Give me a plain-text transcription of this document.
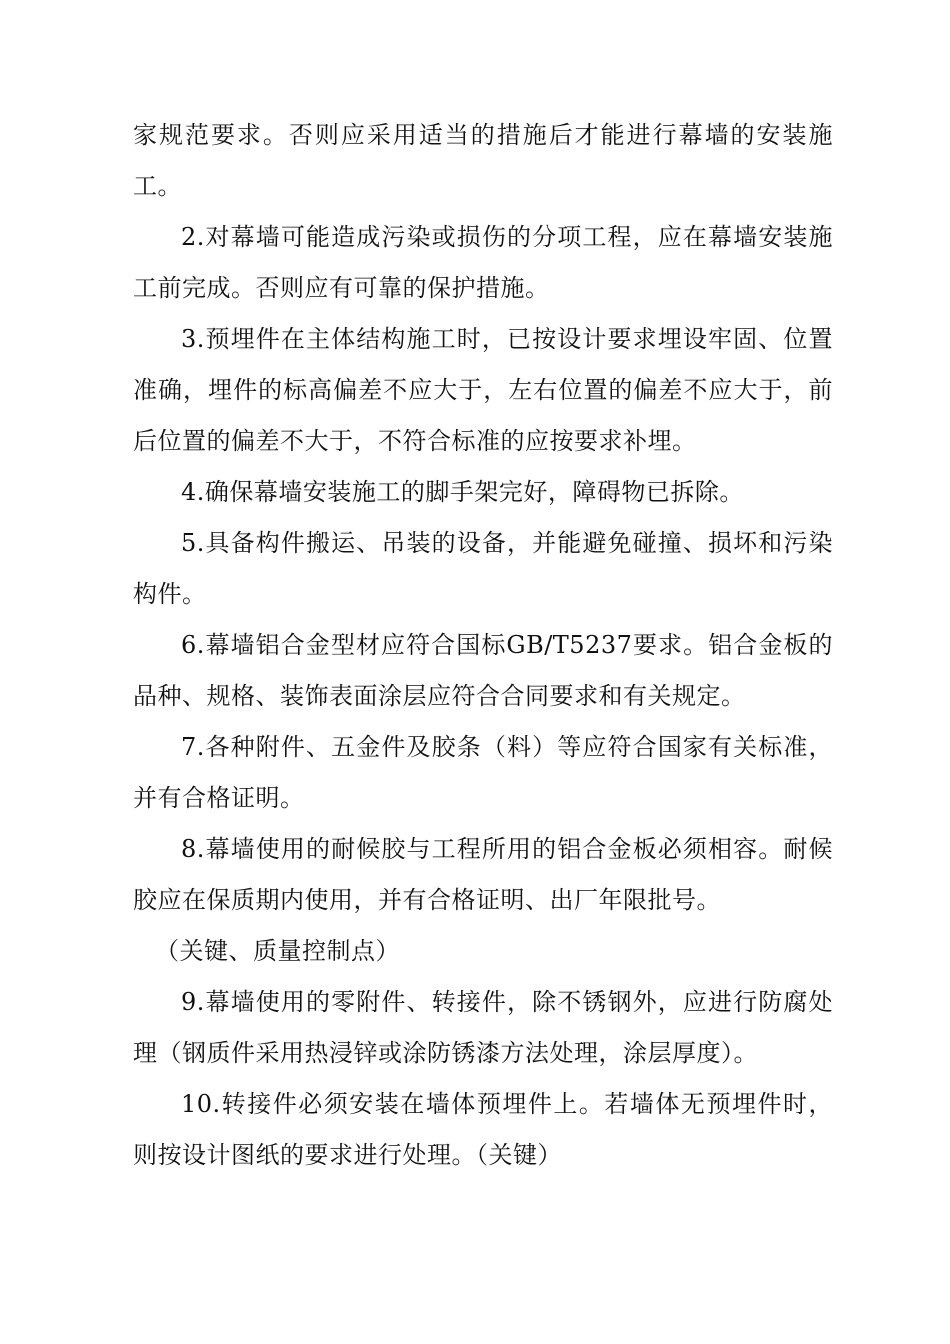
家规范要求。否则应采用适当的措施后才能进行幕墙的安装施工。

2.对幕墙可能造成污染或损伤的分项工程，应在幕墙安装施工前完成。否则应有可靠的保护措施。

3.预埋件在主体结构施工时，已按设计要求埋设牢固、位置准确，埋件的标高偏差不应大于，左右位置的偏差不应大于，前后位置的偏差不大于，不符合标准的应按要求补埋。

4.确保幕墙安装施工的脚手架完好，障碍物已拆除。

5.具备构件搬运、吊装的设备，并能避免碰撞、损坏和污染构件。

6.幕墙铝合金型材应符合国标GB/T5237要求。铝合金板的品种、规格、装饰表面涂层应符合合同要求和有关规定。

7.各种附件、五金件及胶条（料）等应符合国家有关标准，并有合格证明。

8.幕墙使用的耐候胶与工程所用的铝合金板必须相容。耐候胶应在保质期内使用，并有合格证明、出厂年限批号。

（关键、质量控制点）

9.幕墙使用的零附件、转接件，除不锈钢外，应进行防腐处理（钢质件采用热浸锌或涂防锈漆方法处理，涂层厚度）。

10.转接件必须安装在墙体预埋件上。若墙体无预埋件时，则按设计图纸的要求进行处理。（关键）
